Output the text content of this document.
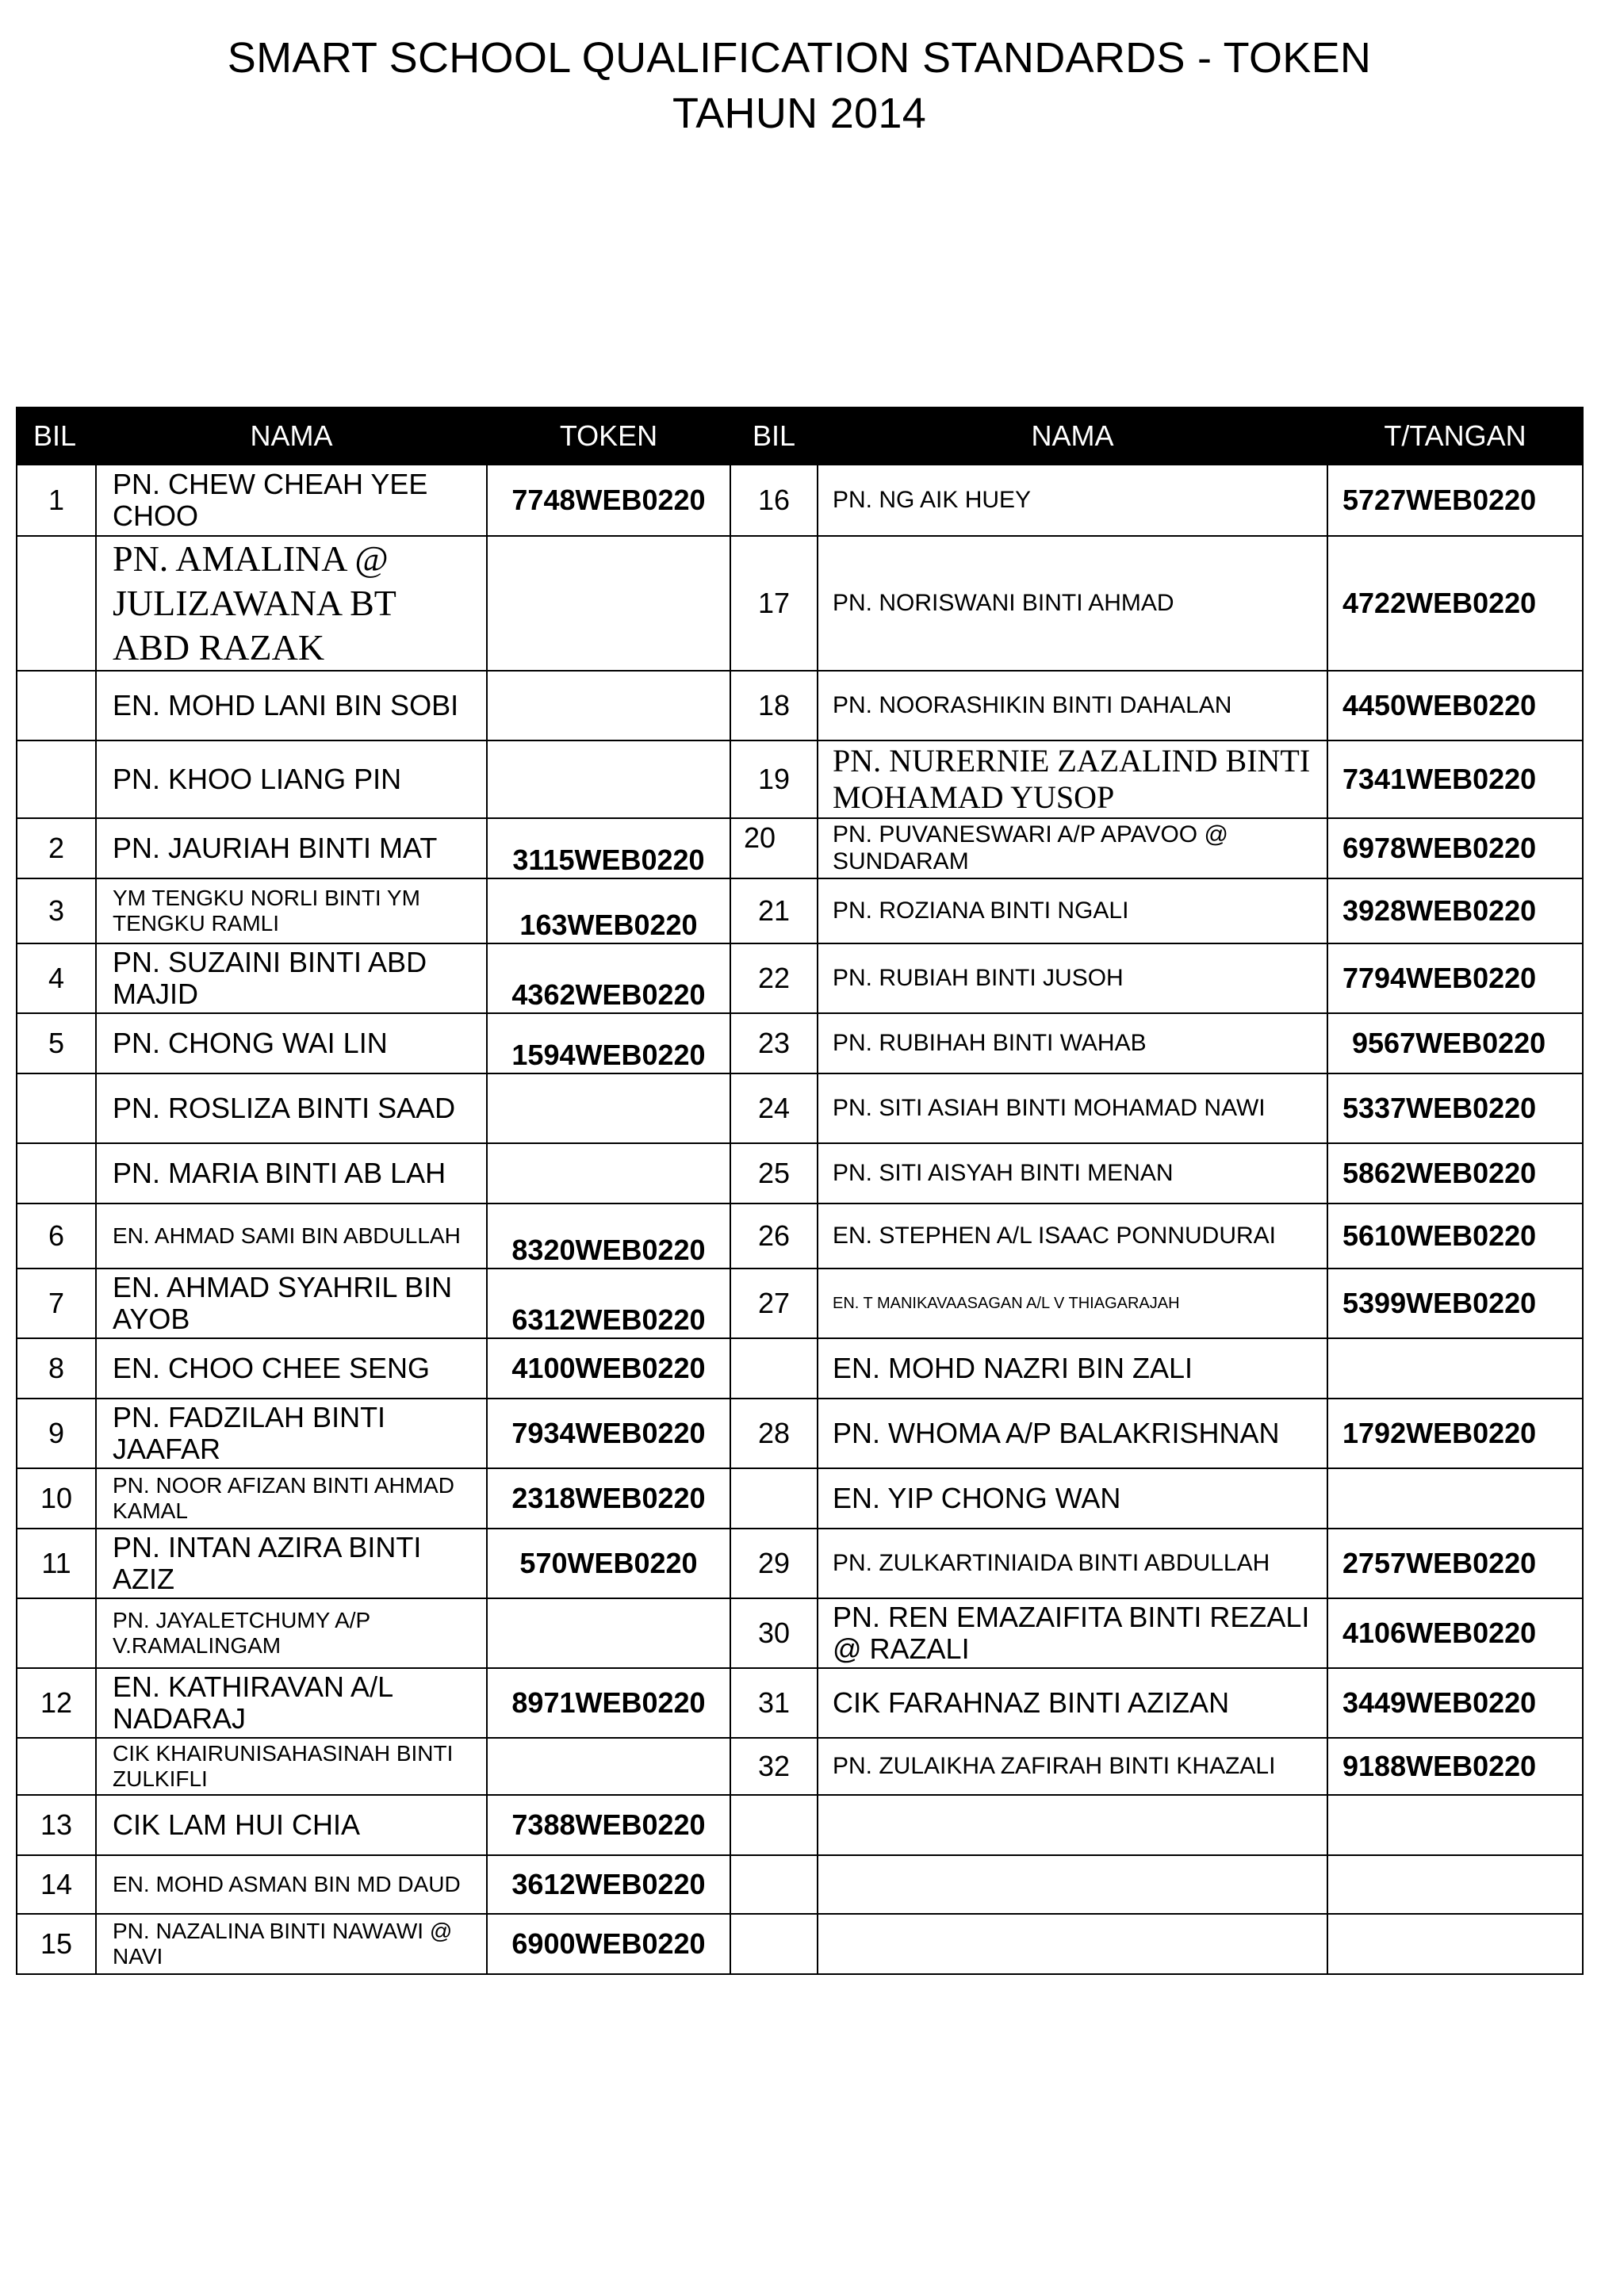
SMART SCHOOL QUALIFICATION STANDARDS - TOKEN
TAHUN 2014
BIL	NAMA	TOKEN	BIL	NAMA	T/TANGAN
1	PN. CHEW CHEAH YEE CHOO	7748WEB0220	16	PN. NG AIK HUEY	5727WEB0220
	PN. AMALINA @ JULIZAWANA BT ABD RAZAK		17	PN. NORISWANI BINTI AHMAD	4722WEB0220
	EN. MOHD LANI BIN SOBI		18	PN. NOORASHIKIN BINTI DAHALAN	4450WEB0220
	PN. KHOO LIANG PIN		19	PN. NURERNIE ZAZALIND BINTI MOHAMAD YUSOP	7341WEB0220
2	PN. JAURIAH BINTI MAT	3115WEB0220	20	PN. PUVANESWARI A/P APAVOO @ SUNDARAM	6978WEB0220
3	YM TENGKU NORLI BINTI YM TENGKU RAMLI	163WEB0220	21	PN. ROZIANA BINTI NGALI	3928WEB0220
4	PN. SUZAINI BINTI ABD MAJID	4362WEB0220	22	PN. RUBIAH BINTI JUSOH	7794WEB0220
5	PN. CHONG WAI LIN	1594WEB0220	23	PN. RUBIHAH BINTI WAHAB	9567WEB0220
	PN. ROSLIZA BINTI SAAD		24	PN. SITI ASIAH BINTI MOHAMAD NAWI	5337WEB0220
	PN. MARIA BINTI AB LAH		25	PN. SITI AISYAH BINTI MENAN	5862WEB0220
6	EN. AHMAD SAMI BIN ABDULLAH	8320WEB0220	26	EN. STEPHEN A/L ISAAC PONNUDURAI	5610WEB0220
7	EN. AHMAD SYAHRIL BIN AYOB	6312WEB0220	27	EN. T MANIKAVAASAGAN A/L V THIAGARAJAH	5399WEB0220
8	EN. CHOO CHEE SENG	4100WEB0220		EN. MOHD NAZRI BIN ZALI	
9	PN. FADZILAH BINTI JAAFAR	7934WEB0220	28	PN. WHOMA A/P BALAKRISHNAN	1792WEB0220
10	PN. NOOR AFIZAN BINTI AHMAD KAMAL	2318WEB0220		EN. YIP CHONG WAN	
11	PN. INTAN AZIRA BINTI AZIZ	570WEB0220	29	PN. ZULKARTINIAIDA BINTI ABDULLAH	2757WEB0220
	PN. JAYALETCHUMY A/P V.RAMALINGAM		30	PN. REN EMAZAIFITA BINTI REZALI @ RAZALI	4106WEB0220
12	EN. KATHIRAVAN A/L NADARAJ	8971WEB0220	31	CIK FARAHNAZ BINTI AZIZAN	3449WEB0220
	CIK KHAIRUNISAHASINAH BINTI ZULKIFLI		32	PN. ZULAIKHA ZAFIRAH BINTI KHAZALI	9188WEB0220
13	CIK LAM HUI CHIA	7388WEB0220			
14	EN. MOHD ASMAN BIN MD DAUD	3612WEB0220			
15	PN. NAZALINA BINTI NAWAWI @ NAVI	6900WEB0220			
